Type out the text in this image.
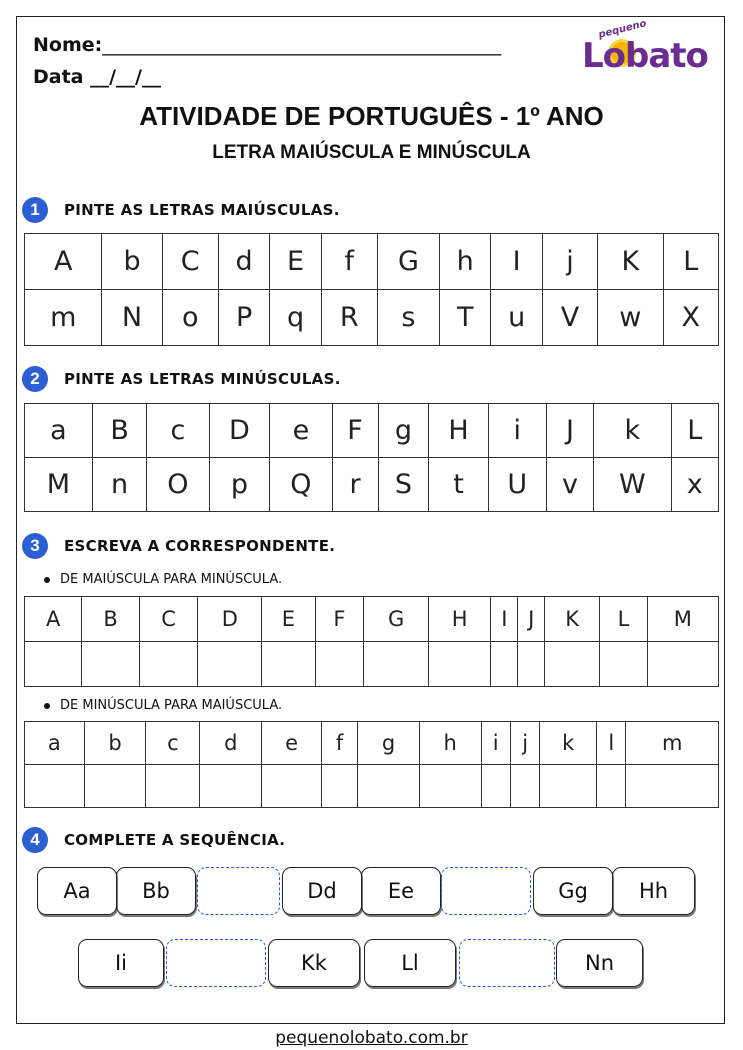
Nome:__________________________________________
Data __/__/__
pequeno
Lobato
ATIVIDADE DE PORTUGUÊS - 1º ANO
LETRA MAIÚSCULA E MINÚSCULA
1	PINTE AS LETRAS MAIÚSCULAS.
A	b	C	d	E	f	G	h	I	j	K	L
m	N	o	P	q	R	s	T	u	V	w	X
2	PINTE AS LETRAS MINÚSCULAS.
a	B	c	D	e	F	g	H	i	J	k	L
M	n	O	p	Q	r	S	t	U	v	W	x
3	ESCREVA A CORRESPONDENTE.
DE MAIÚSCULA PARA MINÚSCULA.
A	B	C	D	E	F	G	H	I	J	K	L	M

DE MINÚSCULA PARA MAIÚSCULA.
a	b	c	d	e	f	g	h	i	j	k	l	m

4	COMPLETE A SEQUÊNCIA.
Aa	Bb	Dd	Ee	Gg	Hh
Ii	Kk	Ll	Nn
pequenolobato.com.br
